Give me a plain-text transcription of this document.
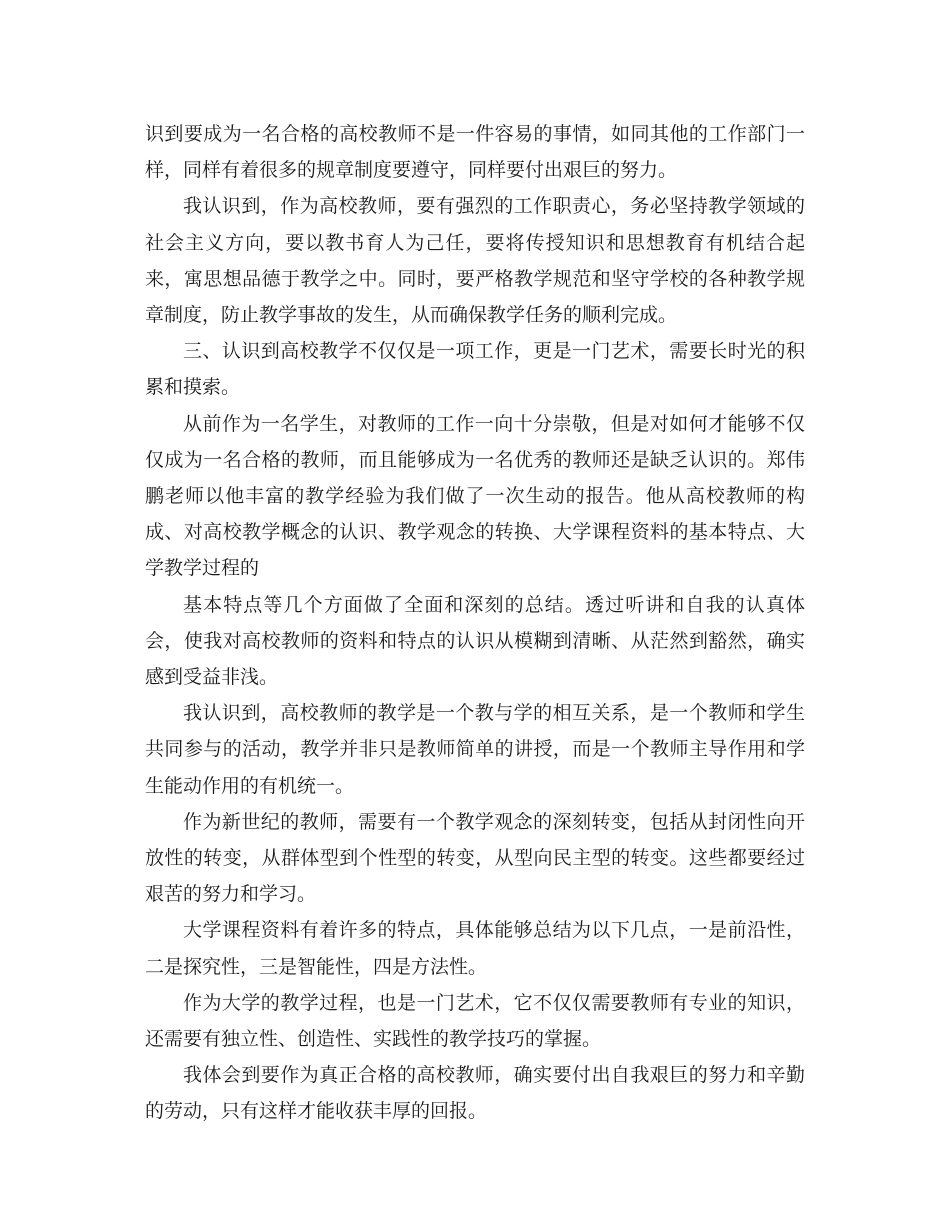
识到要成为一名合格的高校教师不是一件容易的事情，如同其他的工作部门一样，同样有着很多的规章制度要遵守，同样要付出艰巨的努力。

我认识到，作为高校教师，要有强烈的工作职责心，务必坚持教学领域的社会主义方向，要以教书育人为己任，要将传授知识和思想教育有机结合起来，寓思想品德于教学之中。同时，要严格教学规范和坚守学校的各种教学规章制度，防止教学事故的发生，从而确保教学任务的顺利完成。

三、认识到高校教学不仅仅是一项工作，更是一门艺术，需要长时光的积累和摸索。

从前作为一名学生，对教师的工作一向十分崇敬，但是对如何才能够不仅仅成为一名合格的教师，而且能够成为一名优秀的教师还是缺乏认识的。郑伟鹏老师以他丰富的教学经验为我们做了一次生动的报告。他从高校教师的构成、对高校教学概念的认识、教学观念的转换、大学课程资料的基本特点、大学教学过程的

基本特点等几个方面做了全面和深刻的总结。透过听讲和自我的认真体会，使我对高校教师的资料和特点的认识从模糊到清晰、从茫然到豁然，确实感到受益非浅。

我认识到，高校教师的教学是一个教与学的相互关系，是一个教师和学生共同参与的活动，教学并非只是教师简单的讲授，而是一个教师主导作用和学生能动作用的有机统一。

作为新世纪的教师，需要有一个教学观念的深刻转变，包括从封闭性向开放性的转变，从群体型到个性型的转变，从型向民主型的转变。这些都要经过艰苦的努力和学习。

大学课程资料有着许多的特点，具体能够总结为以下几点，一是前沿性，二是探究性，三是智能性，四是方法性。

作为大学的教学过程，也是一门艺术，它不仅仅需要教师有专业的知识，还需要有独立性、创造性、实践性的教学技巧的掌握。

我体会到要作为真正合格的高校教师，确实要付出自我艰巨的努力和辛勤的劳动，只有这样才能收获丰厚的回报。
